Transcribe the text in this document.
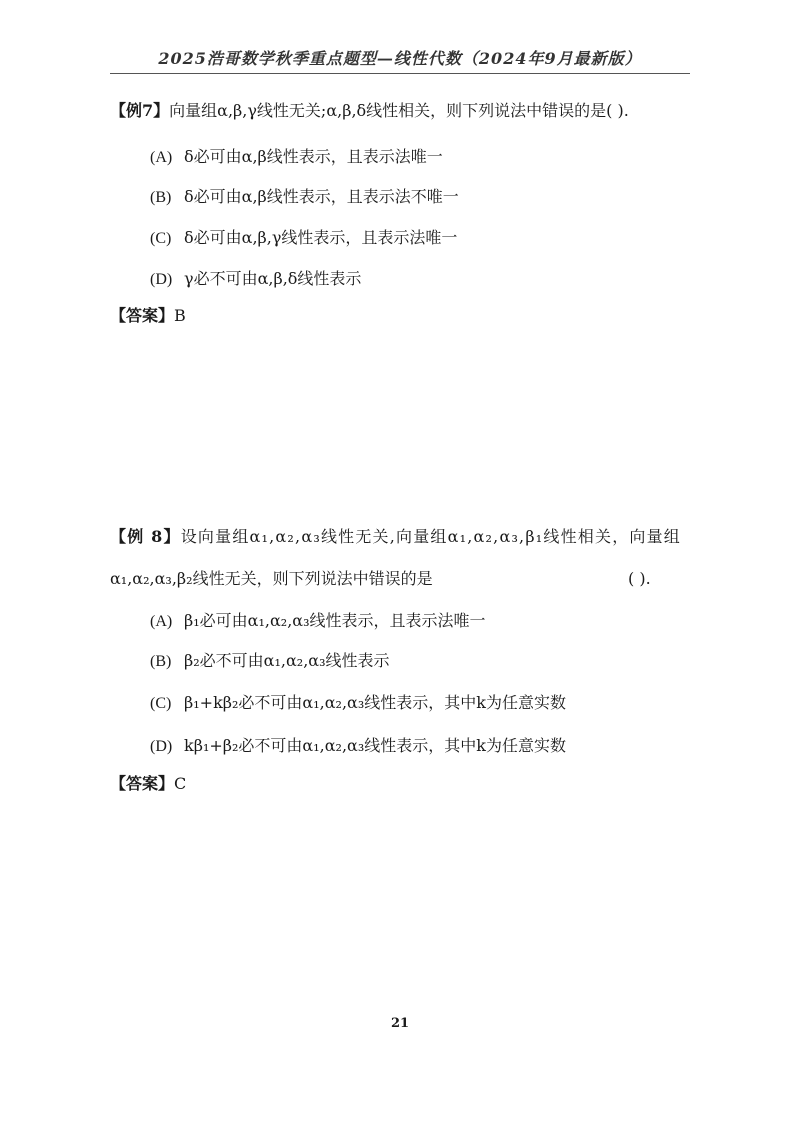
2025浩哥数学秋季重点题型—线性代数（2024年9月最新版）
【例7】向量组α,β,γ线性无关;α,β,δ线性相关，则下列说法中错误的是( ).
(A) δ必可由α,β线性表示，且表示法唯一
(B) δ必可由α,β线性表示，且表示法不唯一
(C) δ必可由α,β,γ线性表示，且表示法唯一
(D) γ必不可由α,β,δ线性表示
【答案】B
【例 8】设向量组α₁,α₂,α₃线性无关,向量组α₁,α₂,α₃,β₁线性相关，向量组
α₁,α₂,α₃,β₂线性无关，则下列说法中错误的是	( ).
(A) β₁必可由α₁,α₂,α₃线性表示，且表示法唯一
(B) β₂必不可由α₁,α₂,α₃线性表示
(C) β₁+kβ₂必不可由α₁,α₂,α₃线性表示，其中k为任意实数
(D) kβ₁+β₂必不可由α₁,α₂,α₃线性表示，其中k为任意实数
【答案】C
21
